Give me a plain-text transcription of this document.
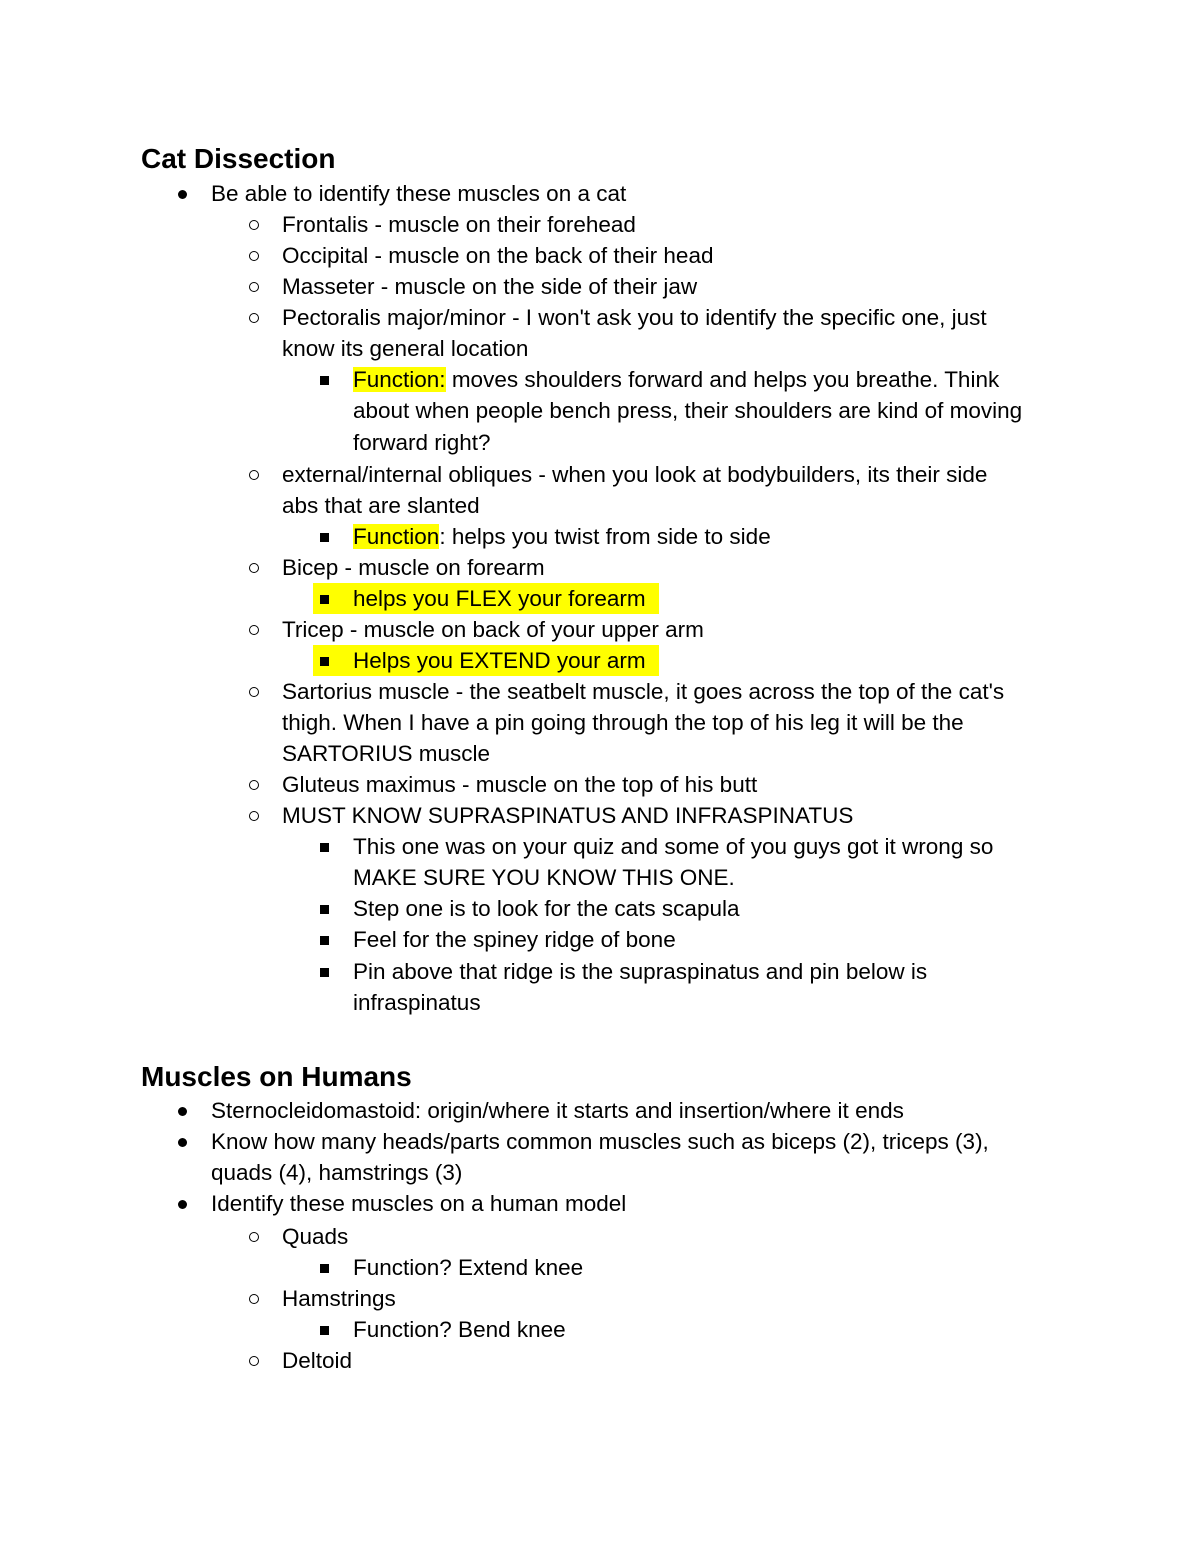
Cat Dissection
Be able to identify these muscles on a cat
Frontalis - muscle on their forehead
Occipital - muscle on the back of their head
Masseter - muscle on the side of their jaw
Pectoralis major/minor - I won't ask you to identify the specific one, just
know its general location
Function: moves shoulders forward and helps you breathe. Think
about when people bench press, their shoulders are kind of moving
forward right?
external/internal obliques - when you look at bodybuilders, its their side
abs that are slanted
Function: helps you twist from side to side
Bicep - muscle on forearm
helps you FLEX your forearm
Tricep - muscle on back of your upper arm
Helps you EXTEND your arm
Sartorius muscle - the seatbelt muscle, it goes across the top of the cat's
thigh. When I have a pin going through the top of his leg it will be the
SARTORIUS muscle
Gluteus maximus - muscle on the top of his butt
MUST KNOW SUPRASPINATUS AND INFRASPINATUS
This one was on your quiz and some of you guys got it wrong so
MAKE SURE YOU KNOW THIS ONE.
Step one is to look for the cats scapula
Feel for the spiney ridge of bone
Pin above that ridge is the supraspinatus and pin below is
infraspinatus
Muscles on Humans
Sternocleidomastoid: origin/where it starts and insertion/where it ends
Know how many heads/parts common muscles such as biceps (2), triceps (3),
quads (4), hamstrings (3)
Identify these muscles on a human model
Quads
Function? Extend knee
Hamstrings
Function? Bend knee
Deltoid
